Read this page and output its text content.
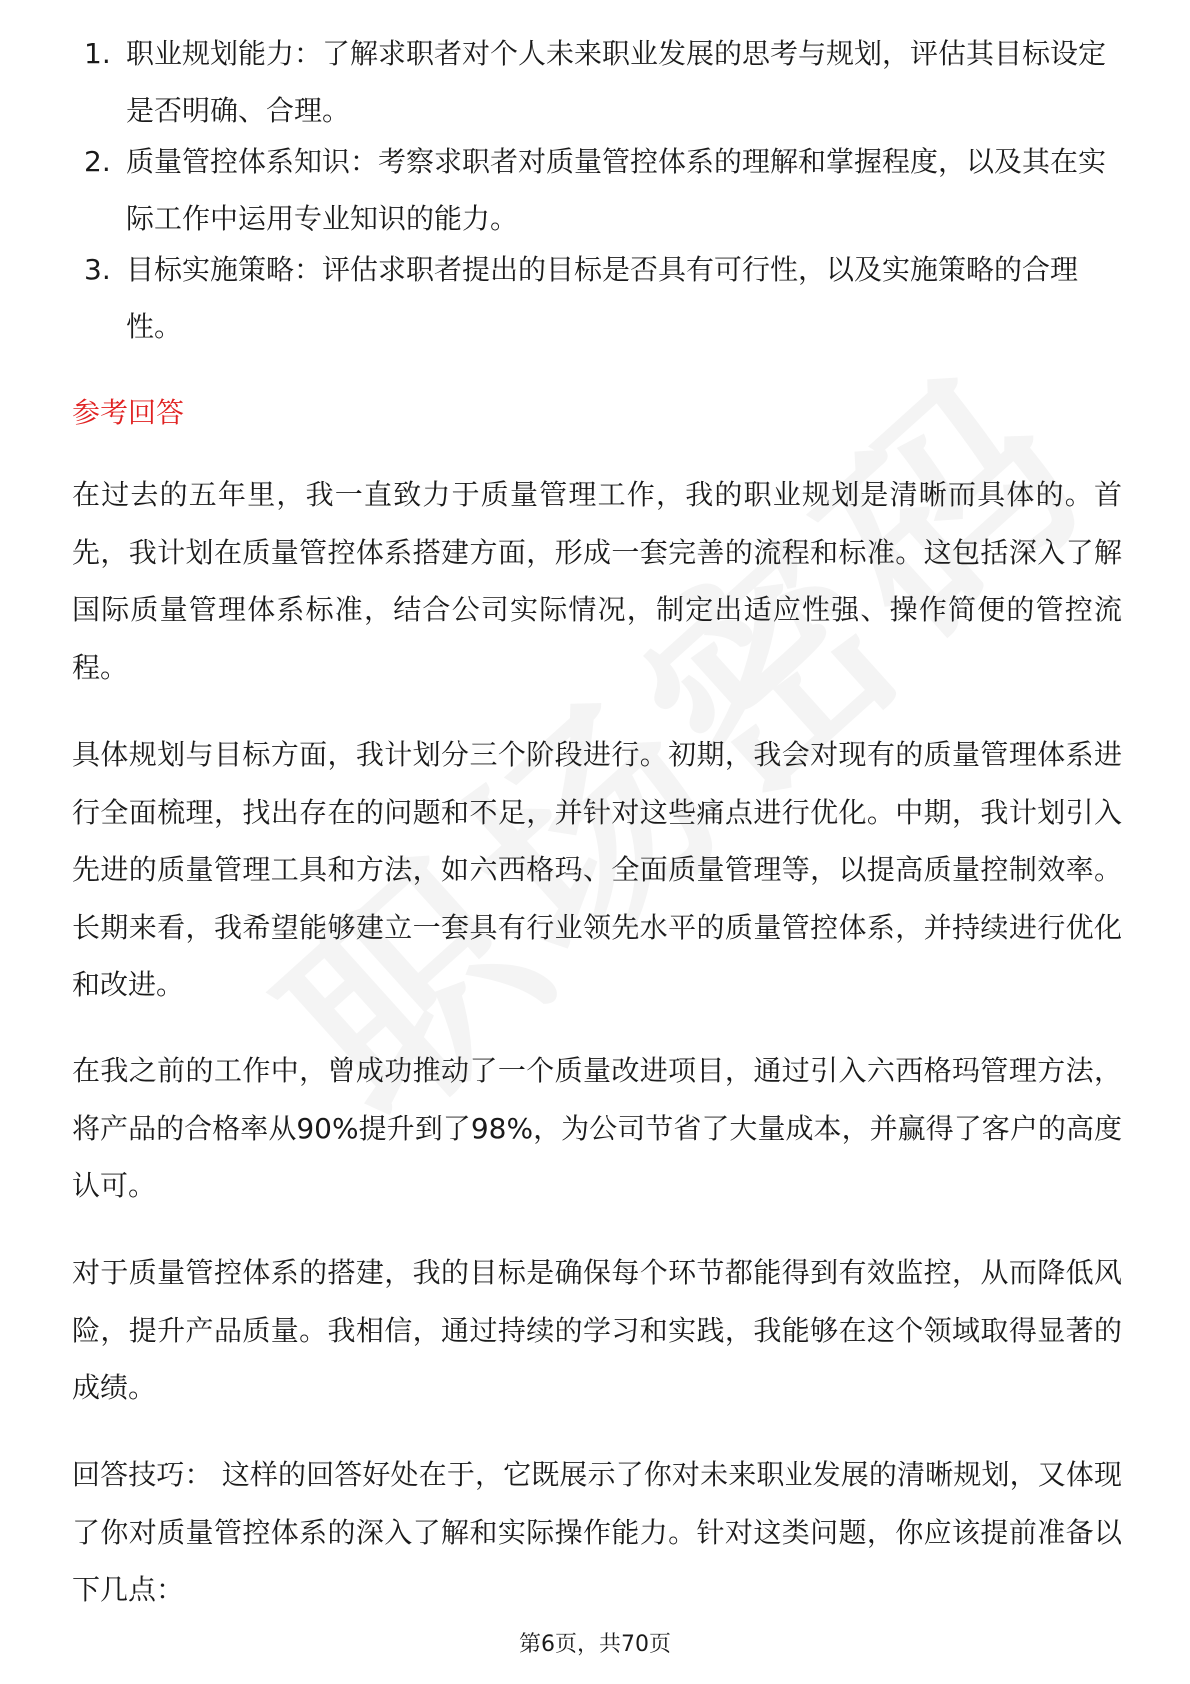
1. 职业规划能力：了解求职者对个人未来职业发展的思考与规划，评估其目标设定是否明确、合理。
2. 质量管控体系知识：考察求职者对质量管控体系的理解和掌握程度，以及其在实际工作中运用专业知识的能力。
3. 目标实施策略：评估求职者提出的目标是否具有可行性，以及实施策略的合理性。
参考回答

在过去的五年里，我一直致力于质量管理工作，我的职业规划是清晰而具体的。首先，我计划在质量管控体系搭建方面，形成一套完善的流程和标准。这包括深入了解国际质量管理体系标准，结合公司实际情况，制定出适应性强、操作简便的管控流程。

具体规划与目标方面，我计划分三个阶段进行。初期，我会对现有的质量管理体系进行全面梳理，找出存在的问题和不足，并针对这些痛点进行优化。中期，我计划引入先进的质量管理工具和方法，如六西格玛、全面质量管理等，以提高质量控制效率。长期来看，我希望能够建立一套具有行业领先水平的质量管控体系，并持续进行优化和改进。

在我之前的工作中，曾成功推动了一个质量改进项目，通过引入六西格玛管理方法，将产品的合格率从90%提升到了98%，为公司节省了大量成本，并赢得了客户的高度认可。

对于质量管控体系的搭建，我的目标是确保每个环节都能得到有效监控，从而降低风险，提升产品质量。我相信，通过持续的学习和实践，我能够在这个领域取得显著的成绩。

回答技巧： 这样的回答好处在于，它既展示了你对未来职业发展的清晰规划，又体现了你对质量管控体系的深入了解和实际操作能力。针对这类问题，你应该提前准备以下几点：

第6页，共70页
